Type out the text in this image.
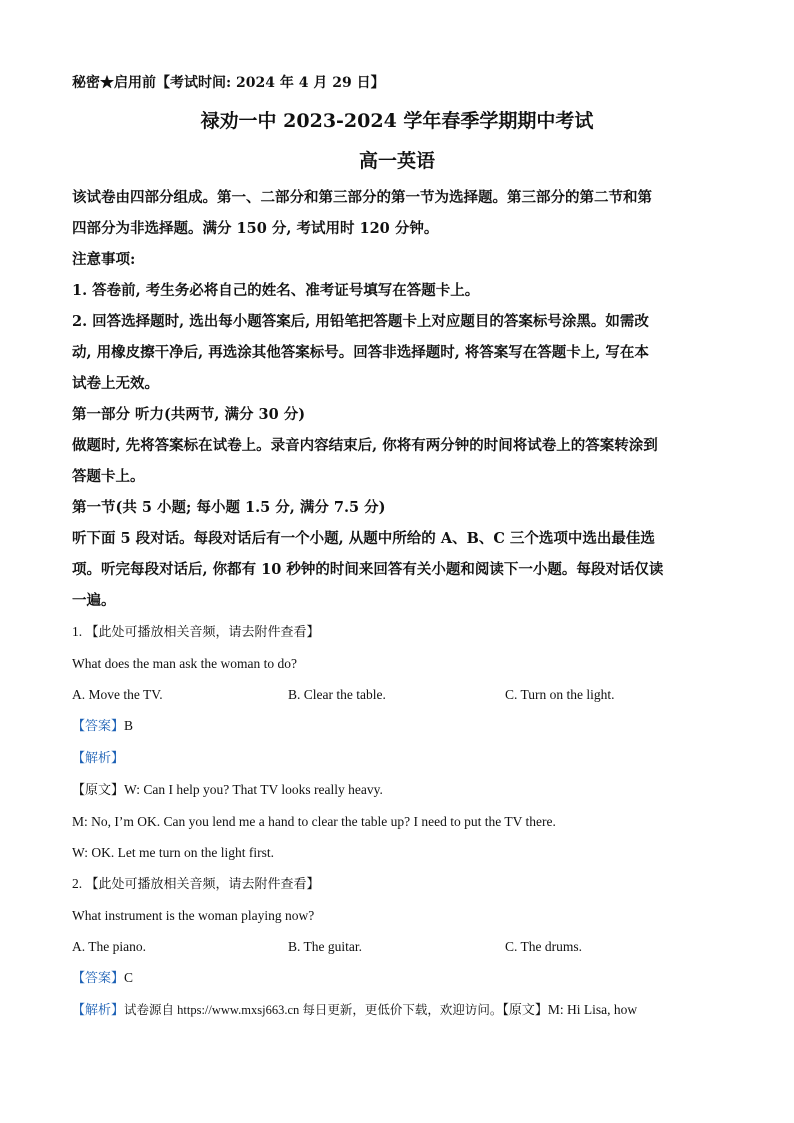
秘密★启用前【考试时间: 2024 年 4 月 29 日】
禄劝一中 2023-2024 学年春季学期期中考试
高一英语
该试卷由四部分组成。第一、二部分和第三部分的第一节为选择题。第三部分的第二节和第
四部分为非选择题。满分 150 分, 考试用时 120 分钟。
注意事项:
1. 答卷前, 考生务必将自己的姓名、准考证号填写在答题卡上。
2. 回答选择题时, 选出每小题答案后, 用铅笔把答题卡上对应题目的答案标号涂黑。如需改
动, 用橡皮擦干净后, 再选涂其他答案标号。回答非选择题时, 将答案写在答题卡上, 写在本
试卷上无效。
第一部分 听力(共两节, 满分 30 分)
做题时, 先将答案标在试卷上。录音内容结束后, 你将有两分钟的时间将试卷上的答案转涂到
答题卡上。
第一节(共 5 小题; 每小题 1.5 分, 满分 7.5 分)
听下面 5 段对话。每段对话后有一个小题, 从题中所给的 A、B、C 三个选项中选出最佳选
项。听完每段对话后, 你都有 10 秒钟的时间来回答有关小题和阅读下一小题。每段对话仅读
一遍。
1. 【此处可播放相关音频，请去附件查看】
What does the man ask the woman to do?
A. Move the TV.	B. Clear the table.	C. Turn on the light.
【答案】B
【解析】
【原文】W: Can I help you? That TV looks really heavy.
M: No, I’m OK. Can you lend me a hand to clear the table up? I need to put the TV there.
W: OK. Let me turn on the light first.
2. 【此处可播放相关音频，请去附件查看】
What instrument is the woman playing now?
A. The piano.	B. The guitar.	C. The drums.
【答案】C
【解析】试卷源自 https://www.mxsj663.cn 每日更新，更低价下载，欢迎访问。【原文】M: Hi Lisa, how
